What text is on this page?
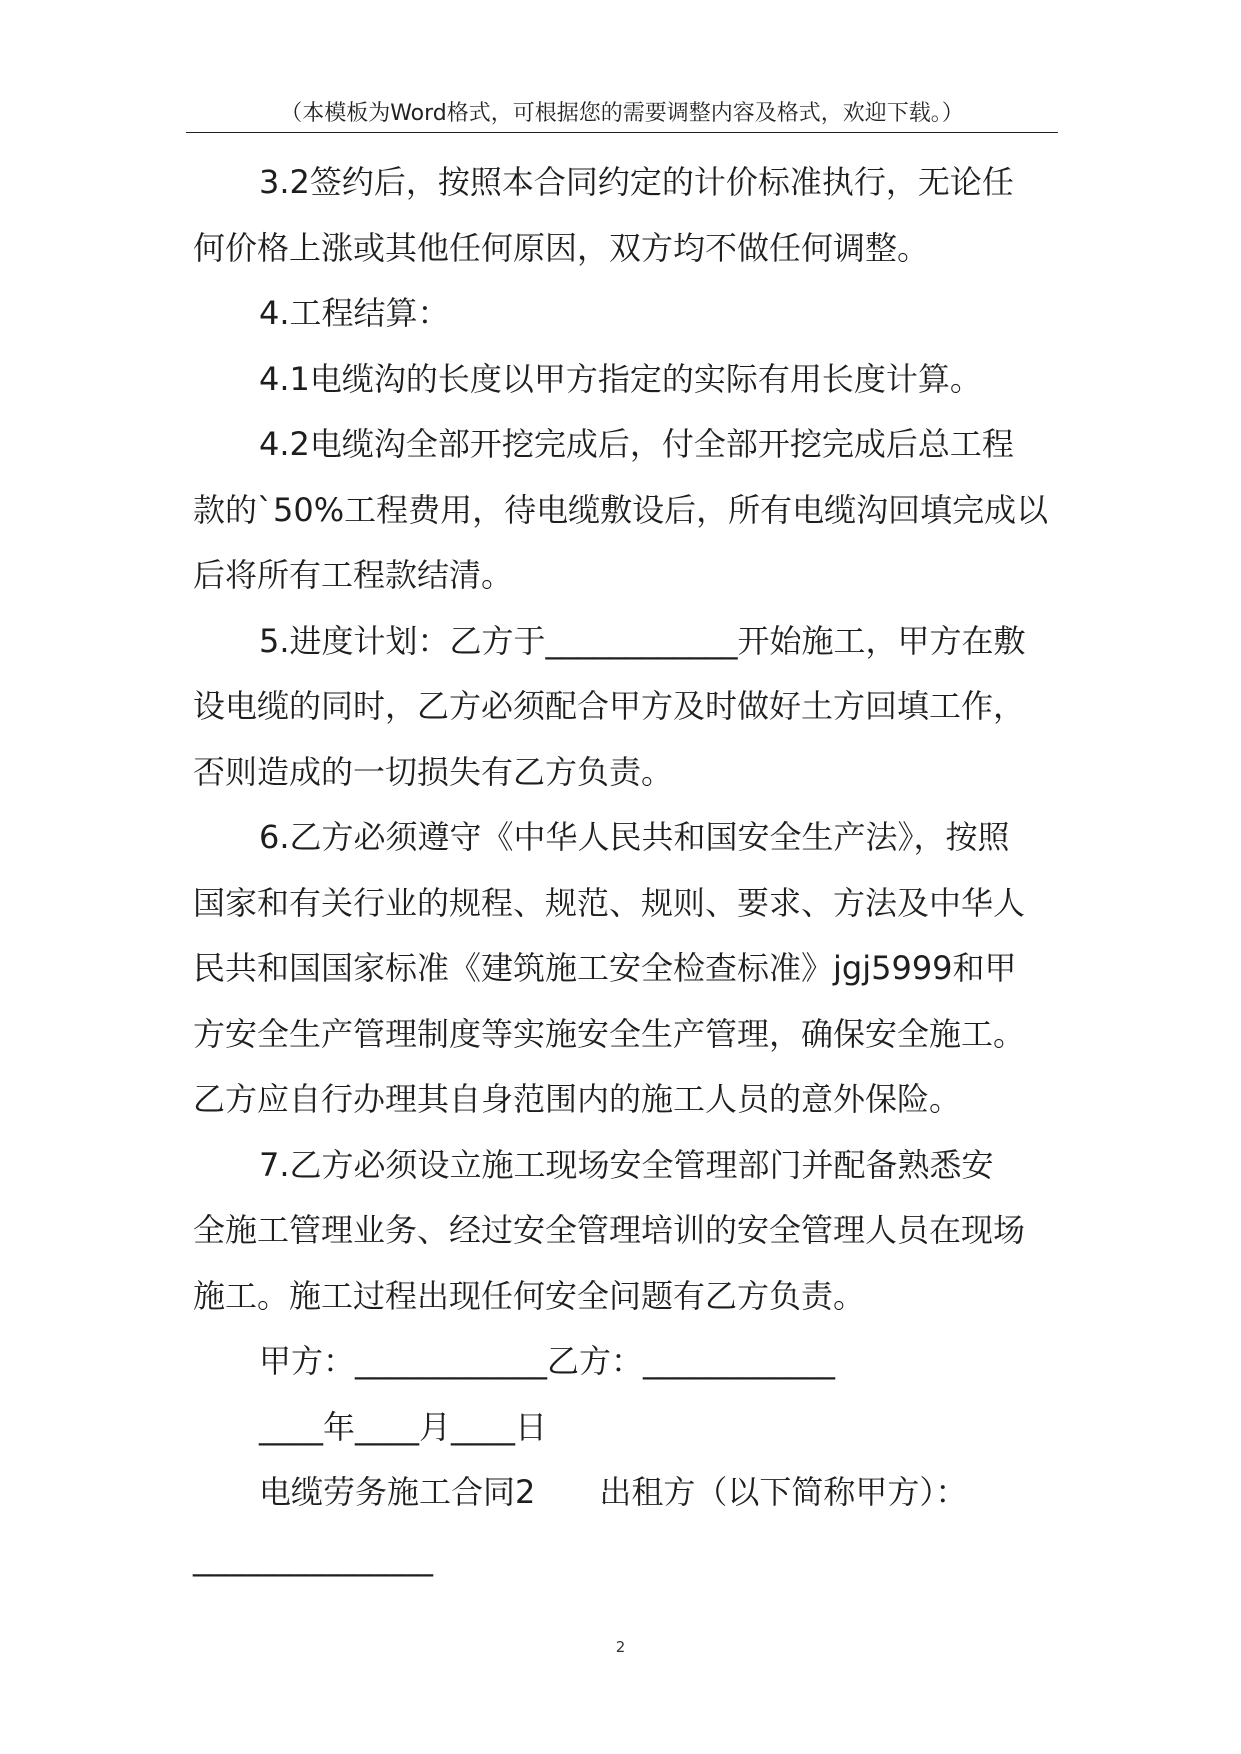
（本模板为Word格式，可根据您的需要调整内容及格式，欢迎下载。）
3.2签约后，按照本合同约定的计价标准执行，无论任
何价格上涨或其他任何原因，双方均不做任何调整。
4.工程结算：
4.1电缆沟的长度以甲方指定的实际有用长度计算。
4.2电缆沟全部开挖完成后，付全部开挖完成后总工程
款的`50%工程费用，待电缆敷设后，所有电缆沟回填完成以
后将所有工程款结清。
5.进度计划：乙方于____________开始施工，甲方在敷
设电缆的同时，乙方必须配合甲方及时做好土方回填工作，
否则造成的一切损失有乙方负责。
6.乙方必须遵守《中华人民共和国安全生产法》，按照
国家和有关行业的规程、规范、规则、要求、方法及中华人
民共和国国家标准《建筑施工安全检查标准》jgj5999和甲
方安全生产管理制度等实施安全生产管理，确保安全施工。
乙方应自行办理其自身范围内的施工人员的意外保险。
7.乙方必须设立施工现场安全管理部门并配备熟悉安
全施工管理业务、经过安全管理培训的安全管理人员在现场
施工。施工过程出现任何安全问题有乙方负责。
甲方：____________乙方：____________
____年____月____日
电缆劳务施工合同2　　出租方（以下简称甲方）：
_______________
2
